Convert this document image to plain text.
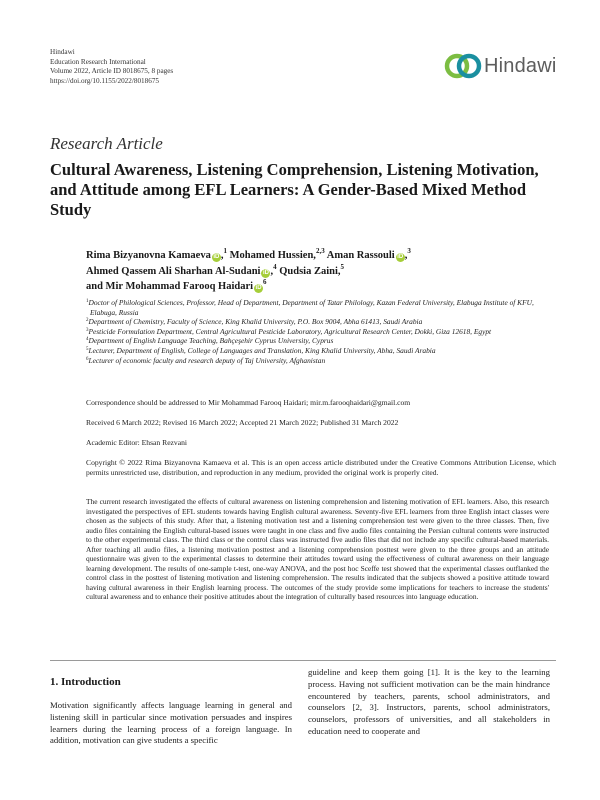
Hindawi
Education Research International
Volume 2022, Article ID 8018675, 8 pages
https://doi.org/10.1155/2022/8018675
Hindawi
Research Article
Cultural Awareness, Listening Comprehension, Listening Motivation, and Attitude among EFL Learners: A Gender-Based Mixed Method Study
Rima Bizyanovna Kamaeva iD ,$^1$ Mohamed Hussien,$^{2,3}$ Aman Rassouli iD ,$^3$
Ahmed Qassem Ali Sharhan Al-Sudani iD ,$^4$ Qudsia Zaini,$^5$
and Mir Mohammad Farooq Haidari $iD^6$
$^1$Doctor of Philological Sciences, Professor, Head of Department, Department of Tatar Philology, Kazan Federal University, Elabuga Institute of KFU, Elabuga, Russia
$^2$Department of Chemistry, Faculty of Science, King Khalid University, P.O. Box 9004, Abha 61413, Saudi Arabia
$^3$Pesticide Formulation Department, Central Agricultural Pesticide Laboratory, Agricultural Research Center, Dokki, Giza 12618, Egypt
$^4$Department of English Language Teaching, Bahçeşehir Cyprus University, Cyprus
$^5$Lecturer, Department of English, College of Languages and Translation, King Khalid University, Abha, Saudi Arabia
$^6$Lecturer of economic faculty and research deputy of Taj University, Afghanistan
Correspondence should be addressed to Mir Mohammad Farooq Haidari; mir.m.farooqhaidari@gmail.com
Received 6 March 2022; Revised 16 March 2022; Accepted 21 March 2022; Published 31 March 2022
Academic Editor: Ehsan Rezvani
Copyright © 2022 Rima Bizyanovna Kamaeva et al. This is an open access article distributed under the Creative Commons Attribution License, which permits unrestricted use, distribution, and reproduction in any medium, provided the original work is properly cited.
The current research investigated the effects of cultural awareness on listening comprehension and listening motivation of EFL learners. Also, this research investigated the perspectives of EFL students towards having English cultural awareness. Seventy-five EFL learners from three English intact classes were chosen as the subjects of this study. After that, a listening motivation test and a listening comprehension test were given to the three classes. Then, five audio files containing the English cultural-based issues were taught in one class and five audio files containing the Persian cultural contents were instructed to the other experimental class. The third class or the control class was instructed five audio files that did not include any specific cultural-based materials. After teaching all audio files, a listening motivation posttest and a listening comprehension posttest were given to the three groups and an attitude questionnaire was given to the experimental classes to determine their attitudes toward using the effectiveness of cultural awareness on their language learning development. The results of one-sample t-test, one-way ANOVA, and the post hoc Sceffe test showed that the experimental classes outflanked the control class in the posttest of listening motivation and listening comprehension. The results indicated that the subjects showed a positive attitude toward having cultural awareness in their English learning process. The outcomes of the study provide some implications for teachers to increase the students' cultural awareness and to enhance their positive attitudes about the integration of culturally based resources into language education.
1. Introduction
Motivation significantly affects language learning in general and listening skill in particular since motivation persuades and inspires learners during the learning process of a foreign language. In addition, motivation can give students a specific
guideline and keep them going [1]. It is the key to the learning process. Having not sufficient motivation can be the main hindrance encountered by teachers, parents, school administrators, and counselors [2, 3]. Instructors, parents, school administrators, counselors, professors of universities, and all stakeholders in education need to cooperate and
